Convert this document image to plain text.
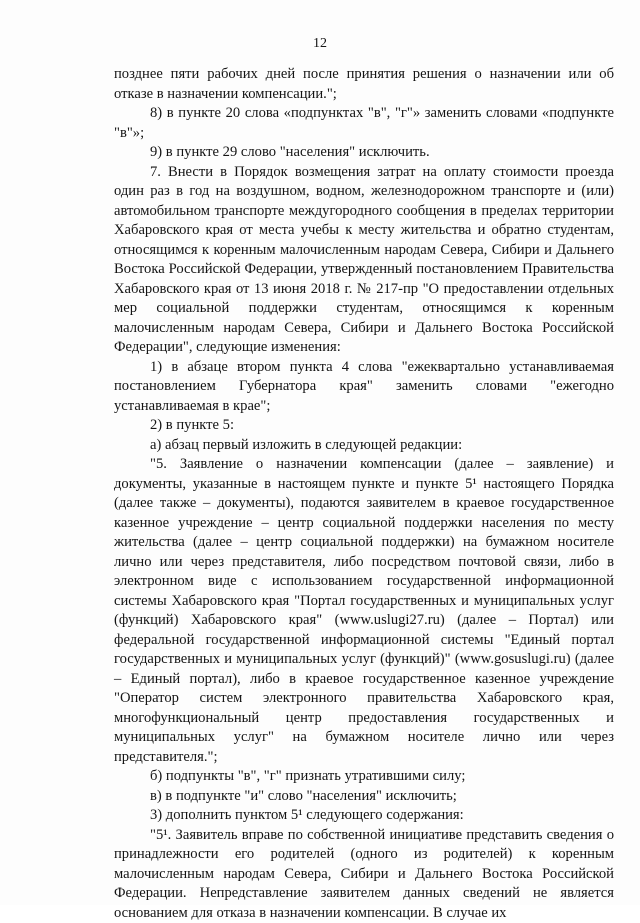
12

позднее пяти рабочих дней после принятия решения о назначении или об отказе в назначении компенсации.";

8) в пункте 20 слова «подпунктах "в", "г"» заменить словами «подпункте "в"»;

9) в пункте 29 слово "населения" исключить.

7. Внести в Порядок возмещения затрат на оплату стоимости проезда один раз в год на воздушном, водном, железнодорожном транспорте и (или) автомобильном транспорте междугородного сообщения в пределах территории Хабаровского края от места учебы к месту жительства и обратно студентам, относящимся к коренным малочисленным народам Севера, Сибири и Дальнего Востока Российской Федерации, утвержденный постановлением Правительства Хабаровского края от 13 июня 2018 г. № 217-пр "О предоставлении отдельных мер социальной поддержки студентам, относящимся к коренным малочисленным народам Севера, Сибири и Дальнего Востока Российской Федерации", следующие изменения:

1) в абзаце втором пункта 4 слова "ежеквартально устанавливаемая постановлением Губернатора края" заменить словами "ежегодно устанавливаемая в крае";

2) в пункте 5:

а) абзац первый изложить в следующей редакции:

"5. Заявление о назначении компенсации (далее – заявление) и документы, указанные в настоящем пункте и пункте 5¹ настоящего Порядка (далее также – документы), подаются заявителем в краевое государственное казенное учреждение – центр социальной поддержки населения по месту жительства (далее – центр социальной поддержки) на бумажном носителе лично или через представителя, либо посредством почтовой связи, либо в электронном виде с использованием государственной информационной системы Хабаровского края "Портал государственных и муниципальных услуг (функций) Хабаровского края" (www.uslugi27.ru) (далее – Портал) или федеральной государственной информационной системы "Единый портал государственных и муниципальных услуг (функций)" (www.gosuslugi.ru) (далее – Единый портал), либо в краевое государственное казенное учреждение "Оператор систем электронного правительства Хабаровского края, многофункциональный центр предоставления государственных и муниципальных услуг" на бумажном носителе лично или через представителя.";

б) подпункты "в", "г" признать утратившими силу;

в) в подпункте "и" слово "населения" исключить;

3) дополнить пунктом 5¹ следующего содержания:

"5¹. Заявитель вправе по собственной инициативе представить сведения о принадлежности его родителей (одного из родителей) к коренным малочисленным народам Севера, Сибири и Дальнего Востока Российской Федерации. Непредставление заявителем данных сведений не является основанием для отказа в назначении компенсации. В случае их
